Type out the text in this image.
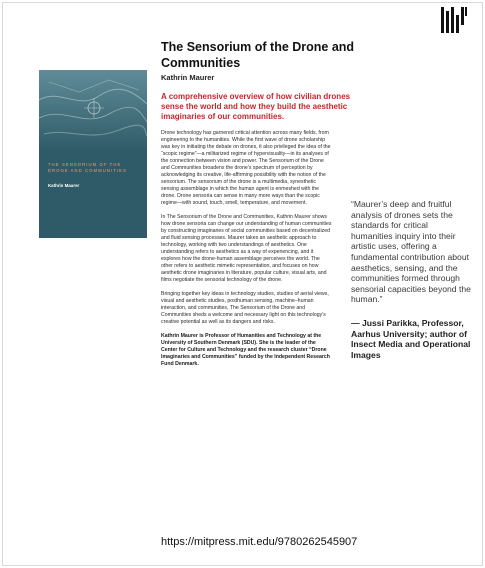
The Sensorium of the Drone and Communities
Kathrin Maurer
A comprehensive overview of how civilian drones sense the world and how they build the aesthetic imaginaries of our communities.
THE SENSORIUM OF THE DRONE AND COMMUNITIES
Kathrin Maurer

Drone technology has garnered critical attention across many fields, from engineering to the humanities. While the first wave of drone scholarship was key in initiating the debate on drones, it also privileged the idea of the “scopic regime”—a militarized regime of hypervisuality—in its analyses of the connection between vision and power. The Sensorium of the Drone and Communities broadens the drone’s spectrum of perception by acknowledging its creative, life-affirming possibility with the notion of the sensorium. The sensorium of the drone is a multimedia, synesthetic sensing assemblage in which the human agent is enmeshed with the drone. Drone sensoria can sense in many more ways than the scopic regime—with sound, touch, smell, temperature, and movement.

In The Sensorium of the Drone and Communities, Kathrin Maurer shows how drone sensoria can change our understanding of human communities by constructing imaginaries of social communities based on decentralized and fluid sensing processes. Maurer takes an aesthetic approach to technology, working with two understandings of aesthetics. One understanding refers to aesthetics as a way of experiencing, and it explores how the drone-human assemblage perceives the world. The other refers to aesthetic mimetic representation, and focuses on how aesthetic drone imaginaries in literature, popular culture, visual arts, and films negotiate the sensorial technology of the drone.

Bringing together key ideas in technology studies, studies of aerial views, visual and aesthetic studies, posthuman sensing, machine–human interaction, and communities, The Sensorium of the Drone and Communities sheds a welcome and necessary light on this technology’s creative potential as well as its dangers and risks.

Kathrin Maurer is Professor of Humanities and Technology at the University of Southern Denmark (SDU). She is the leader of the Center for Culture and Technology and the research cluster “Drone Imaginaries and Communities” funded by the Independent Research Fund Denmark.

“Maurer’s deep and fruitful analysis of drones sets the standards for critical humanities inquiry into their artistic uses, offering a fundamental contribution about aesthetics, sensing, and the communities formed through sensorial capacities beyond the human.”
— Jussi Parikka, Professor, Aarhus University; author of Insect Media and Operational Images
https://mitpress.mit.edu/9780262545907
